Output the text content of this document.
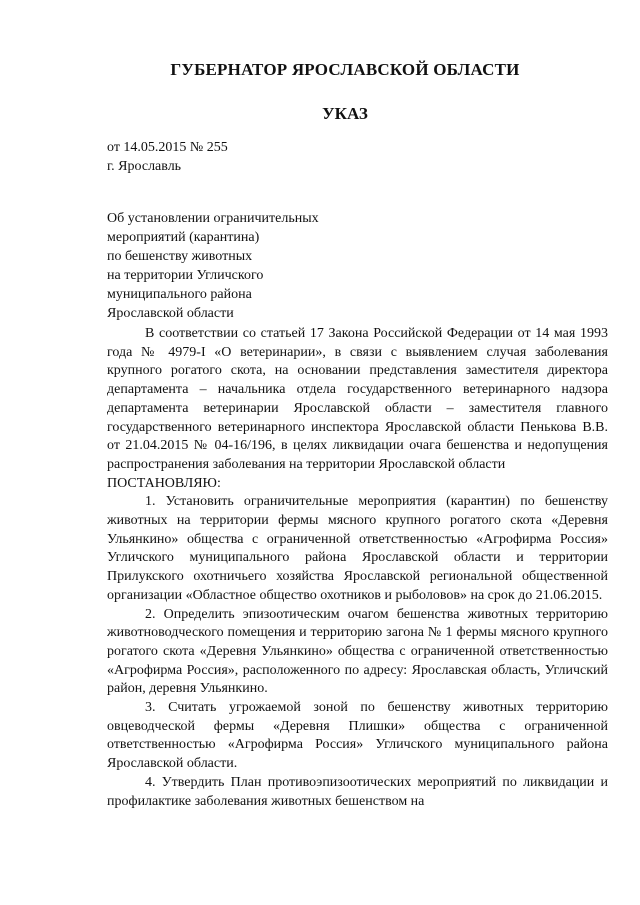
ГУБЕРНАТОР ЯРОСЛАВСКОЙ ОБЛАСТИ
УКАЗ
от 14.05.2015 № 255
г. Ярославль
Об установлении ограничительных
мероприятий (карантина)
по бешенству животных
на территории Угличского
муниципального района
Ярославской области

В соответствии со статьей 17 Закона Российской Федерации от 14 мая 1993 года № 4979-I «О ветеринарии», в связи с выявлением случая заболевания крупного рогатого скота, на основании представления заместителя директора департамента – начальника отдела государственного ветеринарного надзора департамента ветеринарии Ярославской области – заместителя главного государственного ветеринарного инспектора Ярославской области Пенькова В.В. от 21.04.2015 № 04-16/196, в целях ликвидации очага бешенства и недопущения распространения заболевания на территории Ярославской области

ПОСТАНОВЛЯЮ:

1. Установить ограничительные мероприятия (карантин) по бешенству животных на территории фермы мясного крупного рогатого скота «Деревня Ульянкино» общества с ограниченной ответственностью «Агрофирма Россия» Угличского муниципального района Ярославской области и территории Прилукского охотничьего хозяйства Ярославской региональной общественной организации «Областное общество охотников и рыболовов» на срок до 21.06.2015.

2. Определить эпизоотическим очагом бешенства животных территорию животноводческого помещения и территорию загона № 1 фермы мясного крупного рогатого скота «Деревня Ульянкино» общества с ограниченной ответственностью «Агрофирма Россия», расположенного по адресу: Ярославская область, Угличский район, деревня Ульянкино.

3. Считать угрожаемой зоной по бешенству животных территорию овцеводческой фермы «Деревня Плишки» общества с ограниченной ответственностью «Агрофирма Россия» Угличского муниципального района Ярославской области.

4. Утвердить План противоэпизоотических мероприятий по ликвидации и профилактике заболевания животных бешенством на
